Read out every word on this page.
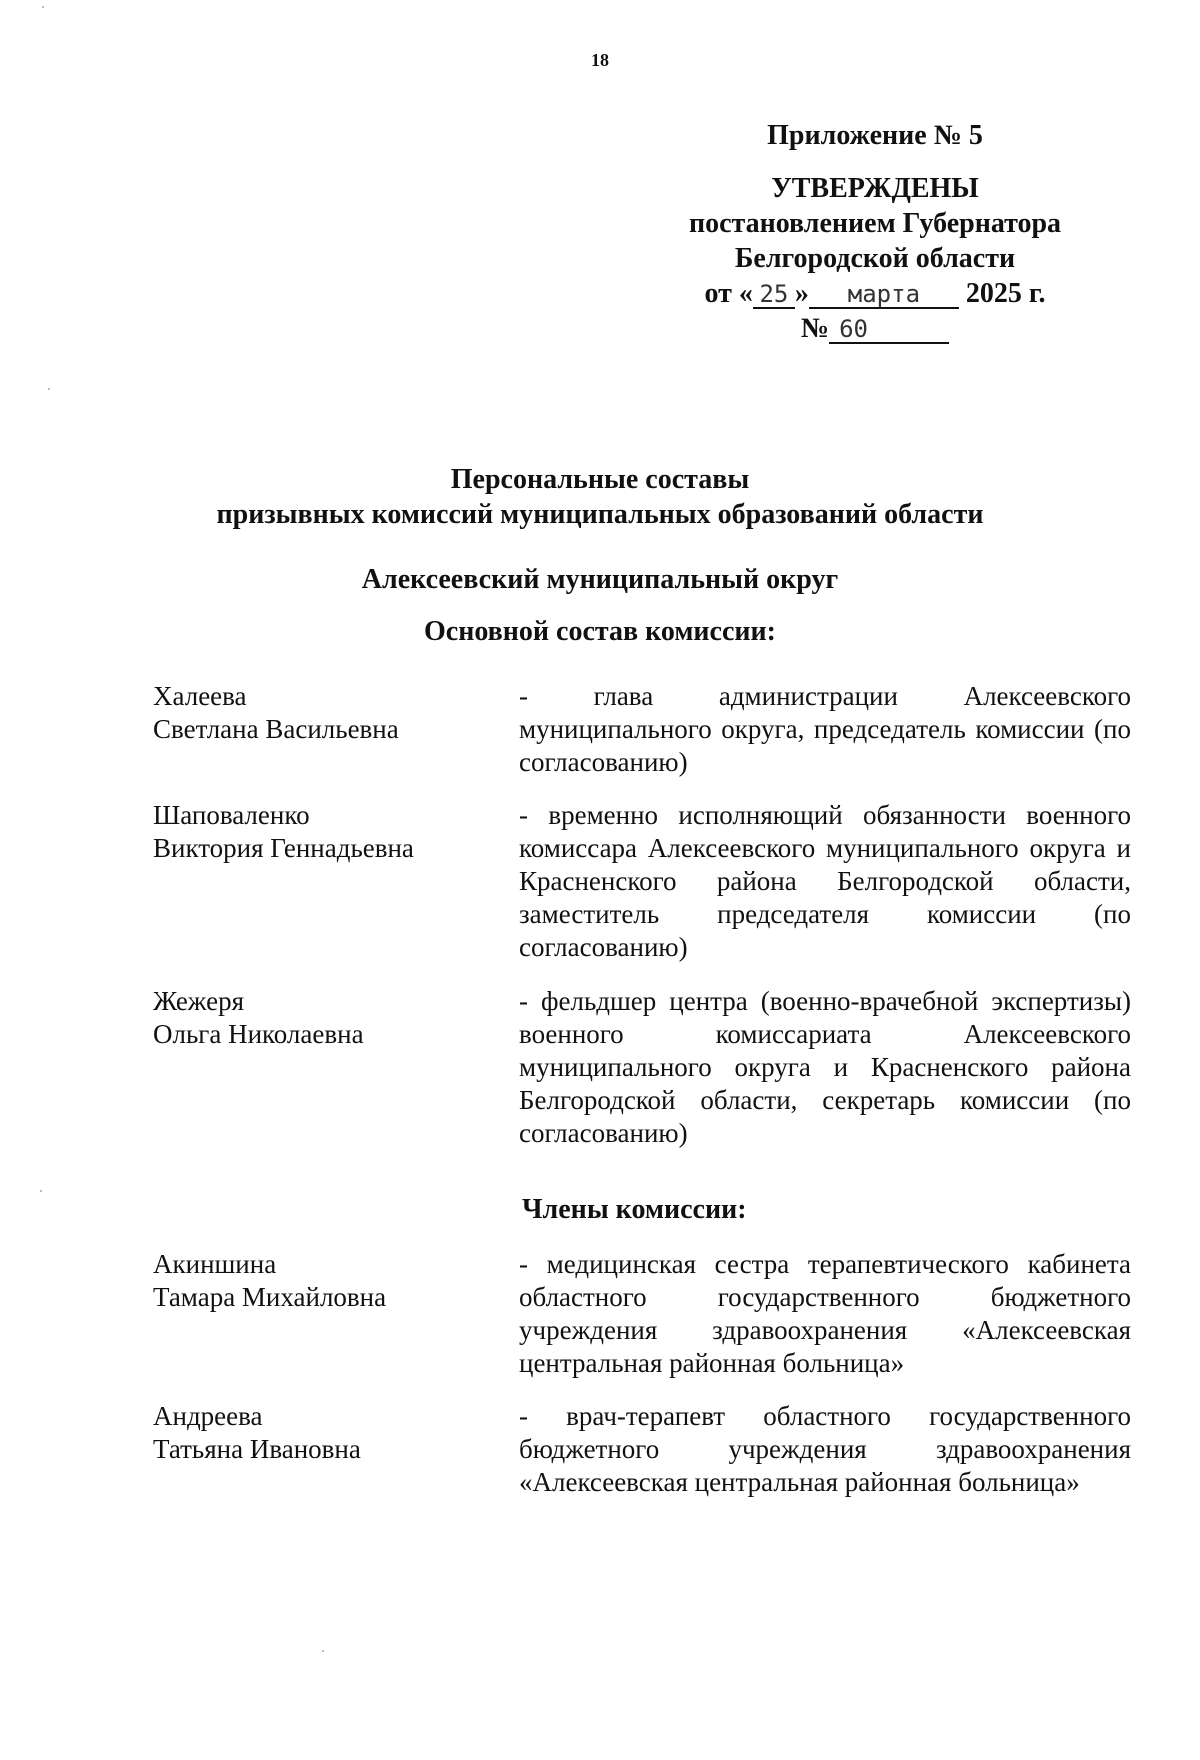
18
Приложение № 5
УТВЕРЖДЕНЫ
постановлением Губернатора
Белгородской области
от « 25 » марта 2025 г.
№ 60
Персональные составы
призывных комиссий муниципальных образований области
Алексеевский муниципальный округ
Основной состав комиссии:
Халеева
Светлана Васильевна
- глава администрации Алексеевского муниципального округа, председатель комиссии (по согласованию)
Шаповаленко
Виктория Геннадьевна
- временно исполняющий обязанности военного комиссара Алексеевского муниципального округа и Красненского района Белгородской области, заместитель председателя комиссии (по согласованию)
Жежеря
Ольга Николаевна
- фельдшер центра (военно-врачебной экспертизы) военного комиссариата Алексеевского муниципального округа и Красненского района Белгородской области, секретарь комиссии (по согласованию)
Члены комиссии:
Акиншина
Тамара Михайловна
- медицинская сестра терапевтического кабинета областного государственного бюджетного учреждения здравоохранения «Алексеевская центральная районная больница»
Андреева
Татьяна Ивановна
- врач-терапевт областного государственного бюджетного учреждения здравоохранения «Алексеевская центральная районная больница»
